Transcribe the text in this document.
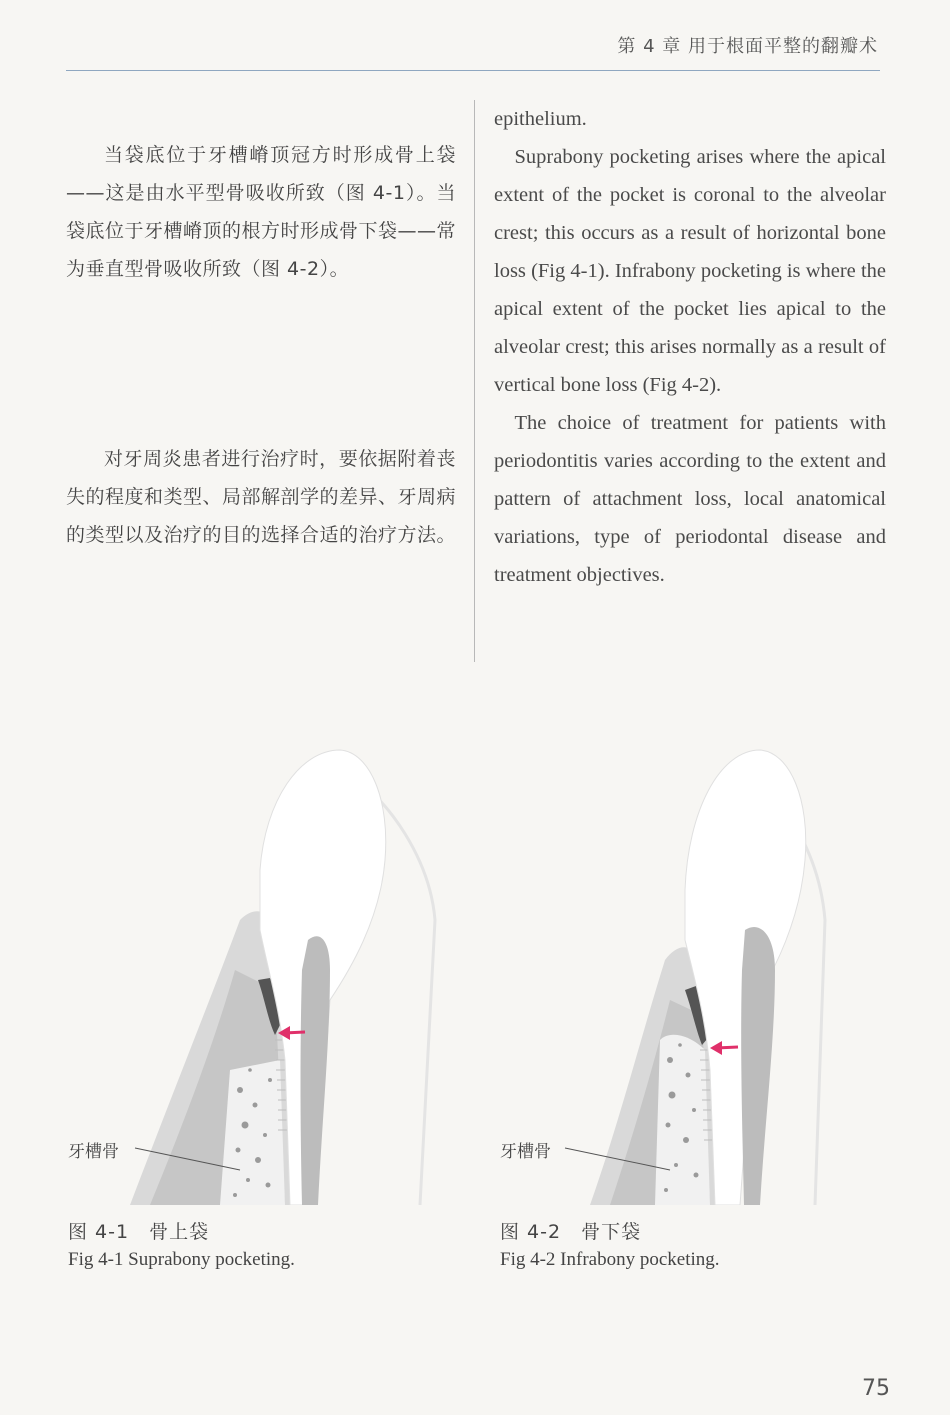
第 4 章 用于根面平整的翻瓣术
当袋底位于牙槽嵴顶冠方时形成骨上袋——这是由水平型骨吸收所致（图 4-1）。当袋底位于牙槽嵴顶的根方时形成骨下袋——常为垂直型骨吸收所致（图 4-2）。
对牙周炎患者进行治疗时，要依据附着丧失的程度和类型、局部解剖学的差异、牙周病的类型以及治疗的目的选择合适的治疗方法。

epithelium.

Suprabony pocketing arises where the apical extent of the pocket is coronal to the alveolar crest; this occurs as a result of horizontal bone loss (Fig 4-1). Infrabony pocketing is where the apical extent of the pocket lies apical to the alveolar crest; this arises normally as a result of vertical bone loss (Fig 4-2).

The choice of treatment for patients with periodontitis varies according to the extent and pattern of attachment loss, local anatomical variations, type of periodontal disease and treatment objectives.

牙槽骨	牙槽骨
图 4-1　骨上袋
Fig 4-1 Suprabony pocketing.
图 4-2　骨下袋
Fig 4-2 Infrabony pocketing.
75
